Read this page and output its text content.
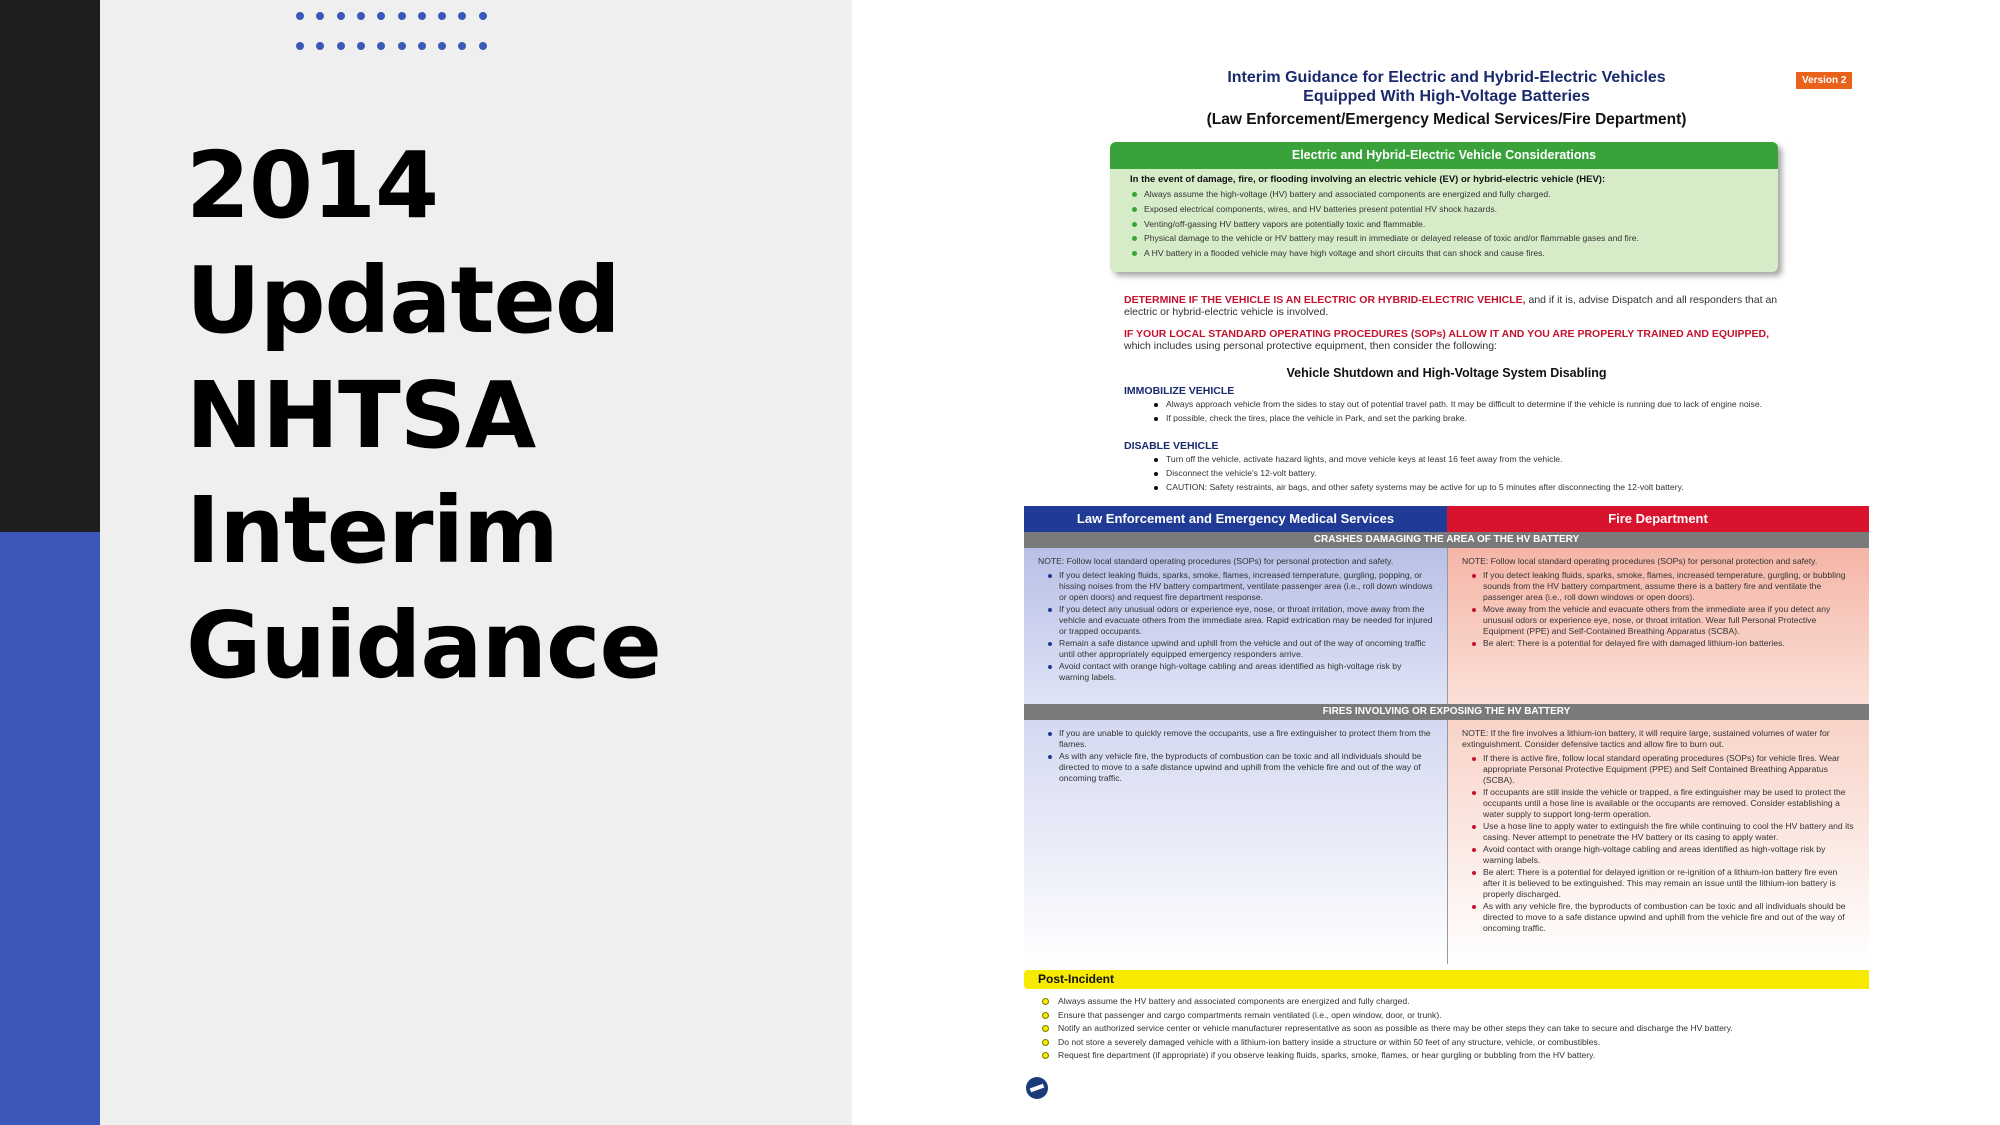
2014
Updated
NHTSA
Interim
Guidance
Interim Guidance for Electric and Hybrid-Electric Vehicles
Equipped With High-Voltage Batteries
(Law Enforcement/Emergency Medical Services/Fire Department)
Version 2
Electric and Hybrid-Electric Vehicle Considerations
In the event of damage, fire, or flooding involving an electric vehicle (EV) or hybrid-electric vehicle (HEV):
Always assume the high-voltage (HV) battery and associated components are energized and fully charged.
Exposed electrical components, wires, and HV batteries present potential HV shock hazards.
Venting/off-gassing HV battery vapors are potentially toxic and flammable.
Physical damage to the vehicle or HV battery may result in immediate or delayed release of toxic and/or flammable gases and fire.
A HV battery in a flooded vehicle may have high voltage and short circuits that can shock and cause fires.
DETERMINE IF THE VEHICLE IS AN ELECTRIC OR HYBRID-ELECTRIC VEHICLE, and if it is, advise Dispatch and all responders that an electric or hybrid-electric vehicle is involved.
IF YOUR LOCAL STANDARD OPERATING PROCEDURES (SOPs) ALLOW IT AND YOU ARE PROPERLY TRAINED AND EQUIPPED, which includes using personal protective equipment, then consider the following:
Vehicle Shutdown and High-Voltage System Disabling
IMMOBILIZE VEHICLE
Always approach vehicle from the sides to stay out of potential travel path. It may be difficult to determine if the vehicle is running due to lack of engine noise.
If possible, check the tires, place the vehicle in Park, and set the parking brake.
DISABLE VEHICLE
Turn off the vehicle, activate hazard lights, and move vehicle keys at least 16 feet away from the vehicle.
Disconnect the vehicle's 12-volt battery.
CAUTION: Safety restraints, air bags, and other safety systems may be active for up to 5 minutes after disconnecting the 12-volt battery.
Law Enforcement and Emergency Medical Services	Fire Department
CRASHES DAMAGING THE AREA OF THE HV BATTERY
NOTE: Follow local standard operating procedures (SOPs) for personal protection and safety.
If you detect leaking fluids, sparks, smoke, flames, increased temperature, gurgling, popping, or hissing noises from the HV battery compartment, ventilate passenger area (i.e., roll down windows or open doors) and request fire department response.
If you detect any unusual odors or experience eye, nose, or throat irritation, move away from the vehicle and evacuate others from the immediate area. Rapid extrication may be needed for injured or trapped occupants.
Remain a safe distance upwind and uphill from the vehicle and out of the way of oncoming traffic until other appropriately equipped emergency responders arrive.
Avoid contact with orange high-voltage cabling and areas identified as high-voltage risk by warning labels.
NOTE: Follow local standard operating procedures (SOPs) for personal protection and safety.
If you detect leaking fluids, sparks, smoke, flames, increased temperature, gurgling, or bubbling sounds from the HV battery compartment, assume there is a battery fire and ventilate the passenger area (i.e., roll down windows or open doors).
Move away from the vehicle and evacuate others from the immediate area if you detect any unusual odors or experience eye, nose, or throat irritation. Wear full Personal Protective Equipment (PPE) and Self-Contained Breathing Apparatus (SCBA).
Be alert: There is a potential for delayed fire with damaged lithium-ion batteries.
FIRES INVOLVING OR EXPOSING THE HV BATTERY
If you are unable to quickly remove the occupants, use a fire extinguisher to protect them from the flames.
As with any vehicle fire, the byproducts of combustion can be toxic and all individuals should be directed to move to a safe distance upwind and uphill from the vehicle fire and out of the way of oncoming traffic.
NOTE: If the fire involves a lithium-ion battery, it will require large, sustained volumes of water for extinguishment. Consider defensive tactics and allow fire to burn out.
If there is active fire, follow local standard operating procedures (SOPs) for vehicle fires. Wear appropriate Personal Protective Equipment (PPE) and Self Contained Breathing Apparatus (SCBA).
If occupants are still inside the vehicle or trapped, a fire extinguisher may be used to protect the occupants until a hose line is available or the occupants are removed. Consider establishing a water supply to support long-term operation.
Use a hose line to apply water to extinguish the fire while continuing to cool the HV battery and its casing. Never attempt to penetrate the HV battery or its casing to apply water.
Avoid contact with orange high-voltage cabling and areas identified as high-voltage risk by warning labels.
Be alert: There is a potential for delayed ignition or re-ignition of a lithium-ion battery fire even after it is believed to be extinguished. This may remain an issue until the lithium-ion battery is properly discharged.
As with any vehicle fire, the byproducts of combustion can be toxic and all individuals should be directed to move to a safe distance upwind and uphill from the vehicle fire and out of the way of oncoming traffic.
Post-Incident
Always assume the HV battery and associated components are energized and fully charged.
Ensure that passenger and cargo compartments remain ventilated (i.e., open window, door, or trunk).
Notify an authorized service center or vehicle manufacturer representative as soon as possible as there may be other steps they can take to secure and discharge the HV battery.
Do not store a severely damaged vehicle with a lithium-ion battery inside a structure or within 50 feet of any structure, vehicle, or combustibles.
Request fire department (if appropriate) if you observe leaking fluids, sparks, smoke, flames, or hear gurgling or bubbling from the HV battery.
